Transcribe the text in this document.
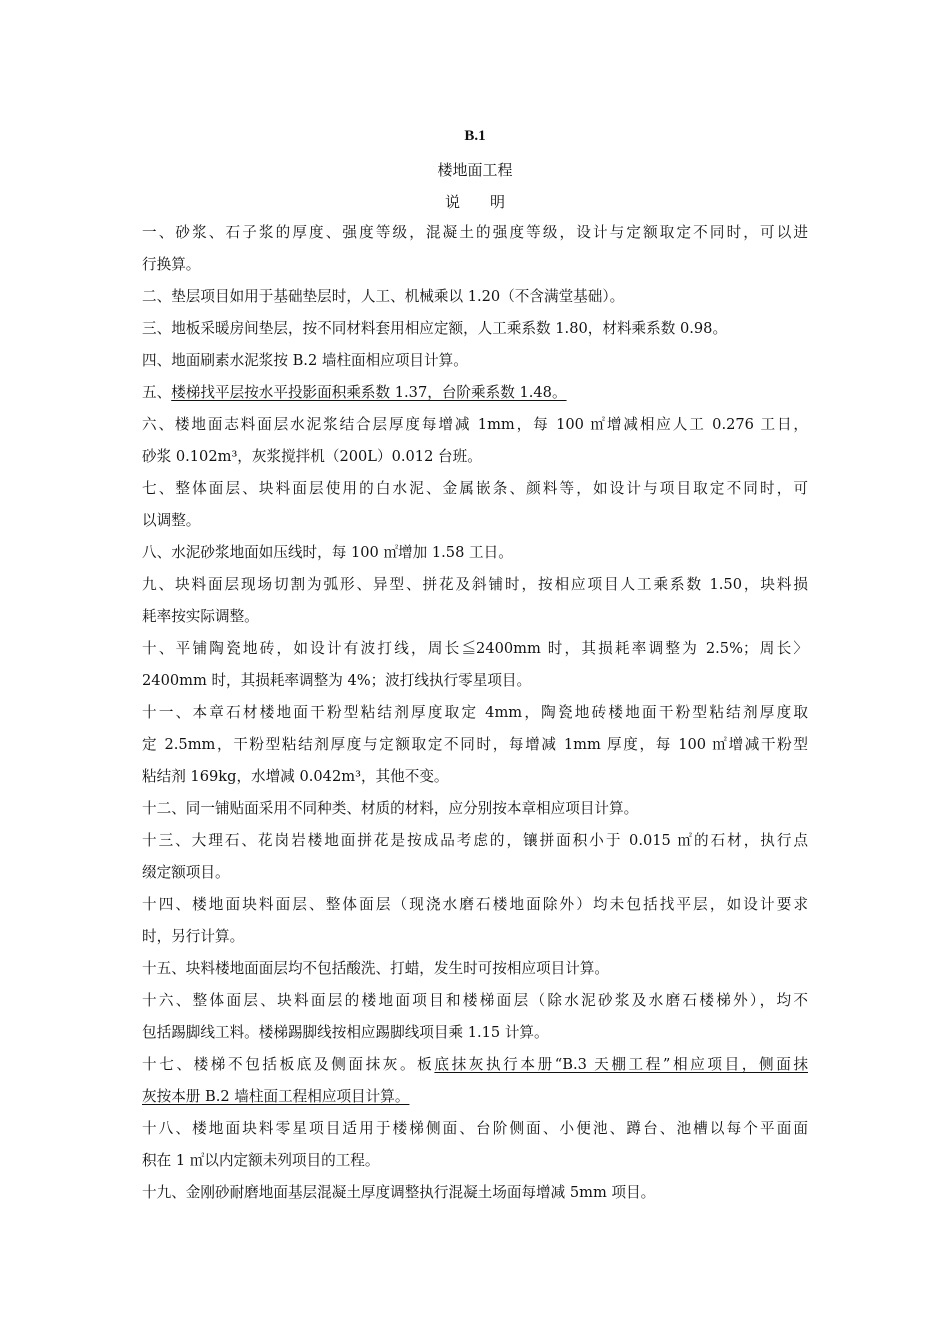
B.1
楼地面工程
说明
一、砂浆、石子浆的厚度、强度等级，混凝土的强度等级，设计与定额取定不同时，可以进
行换算。
二、垫层项目如用于基础垫层时，人工、机械乘以 1.20（不含满堂基础）。
三、地板采暖房间垫层，按不同材料套用相应定额，人工乘系数 1.80，材料乘系数 0.98。
四、地面刷素水泥浆按 B.2 墙柱面相应项目计算。
五、楼梯找平层按水平投影面积乘系数 1.37，台阶乘系数 1.48。
六、楼地面志料面层水泥浆结合层厚度每增减 1mm，每 100 ㎡增减相应人工 0.276 工日，
砂浆 0.102m³，灰浆搅拌机（200L）0.012 台班。
七、整体面层、块料面层使用的白水泥、金属嵌条、颜料等，如设计与项目取定不同时，可
以调整。
八、水泥砂浆地面如压线时，每 100 ㎡增加 1.58 工日。
九、块料面层现场切割为弧形、异型、拼花及斜铺时，按相应项目人工乘系数 1.50，块料损
耗率按实际调整。
十、平铺陶瓷地砖，如设计有波打线，周长≦2400mm 时，其损耗率调整为 2.5%；周长〉
2400mm 时，其损耗率调整为 4%；波打线执行零星项目。
十一、本章石材楼地面干粉型粘结剂厚度取定 4mm，陶瓷地砖楼地面干粉型粘结剂厚度取
定 2.5mm，干粉型粘结剂厚度与定额取定不同时，每增减 1mm 厚度，每 100 ㎡增减干粉型
粘结剂 169kg，水增减 0.042m³，其他不变。
十二、同一铺贴面采用不同种类、材质的材料，应分别按本章相应项目计算。
十三、大理石、花岗岩楼地面拼花是按成品考虑的，镶拼面积小于 0.015 ㎡的石材，执行点
缀定额项目。
十四、楼地面块料面层、整体面层（现浇水磨石楼地面除外）均未包括找平层，如设计要求
时，另行计算。
十五、块料楼地面面层均不包括酸洗、打蜡，发生时可按相应项目计算。
十六、整体面层、块料面层的楼地面项目和楼梯面层（除水泥砂浆及水磨石楼梯外），均不
包括踢脚线工料。楼梯踢脚线按相应踢脚线项目乘 1.15 计算。
十七、楼梯不包括板底及侧面抹灰。板底抹灰执行本册“B.3 天棚工程”相应项目，侧面抹
灰按本册 B.2 墙柱面工程相应项目计算。
十八、楼地面块料零星项目适用于楼梯侧面、台阶侧面、小便池、蹲台、池槽以每个平面面
积在 1 ㎡以内定额未列项目的工程。
十九、金刚砂耐磨地面基层混凝土厚度调整执行混凝土场面每增减 5mm 项目。
